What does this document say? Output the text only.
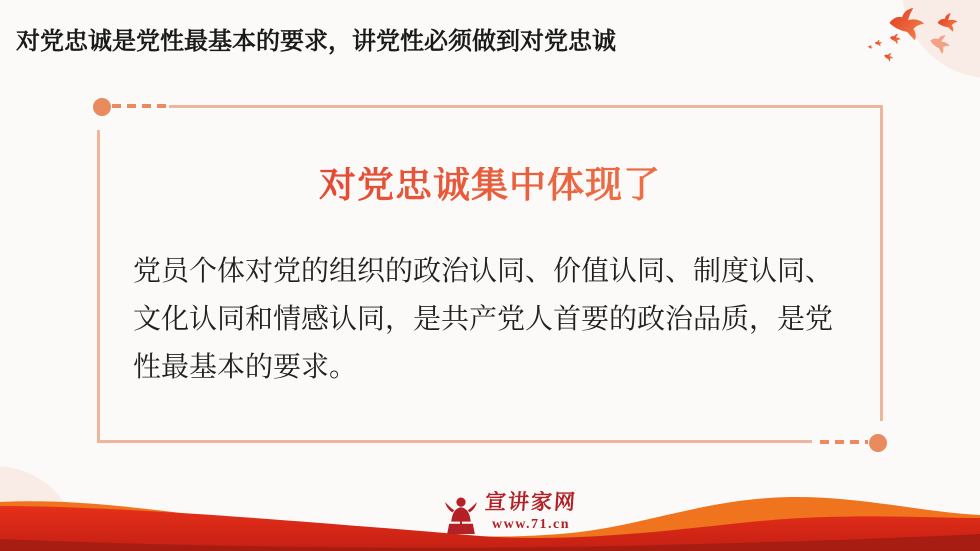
对党忠诚是党性最基本的要求，讲党性必须做到对党忠诚
对党忠诚集中体现了
党员个体对党的组织的政治认同、价值认同、制度认同、
文化认同和情感认同，是共产党人首要的政治品质，是党
性最基本的要求。
宣讲家网
www.71.cn
